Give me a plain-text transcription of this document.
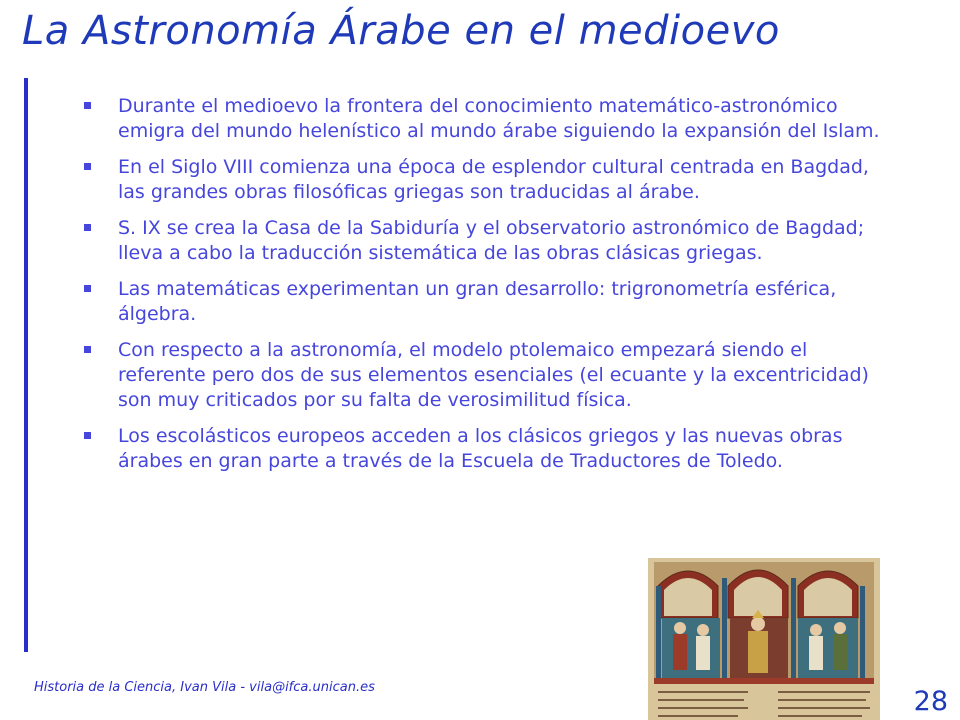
La Astronomía Árabe en el medioevo
Durante el medioevo la frontera del conocimiento matemático-astronómico emigra del mundo helenístico al mundo árabe siguiendo la expansión del Islam.
En el Siglo VIII comienza una época de esplendor cultural centrada en Bagdad, las grandes obras filosóficas griegas son traducidas al árabe.
S. IX se crea la Casa de la Sabiduría y el observatorio astronómico de Bagdad; lleva a cabo la traducción sistemática de las obras clásicas griegas.
Las matemáticas experimentan un gran desarrollo: trigronometría esférica, álgebra.
Con respecto a la astronomía, el modelo ptolemaico empezará siendo el referente pero dos de sus elementos esenciales (el ecuante y la excentricidad) son muy criticados por su falta de verosimilitud física.
Los escolásticos europeos acceden a los clásicos griegos y las nuevas obras árabes en gran parte a través de la Escuela de Traductores de Toledo.
Historia de la Ciencia, Ivan Vila - vila@ifca.unican.es	28
